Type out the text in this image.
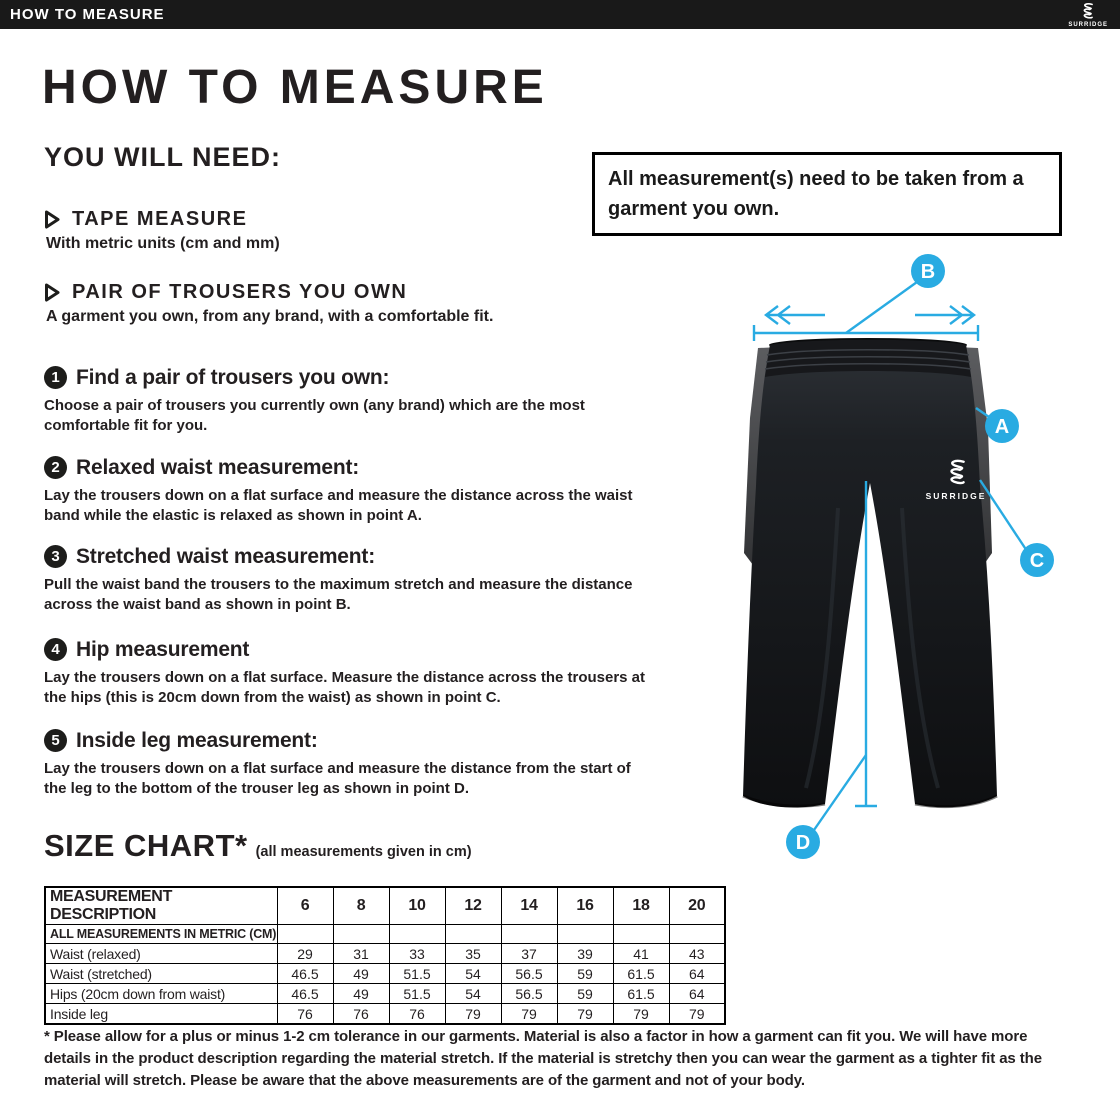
HOW TO MEASURE
SURRIDGE
HOW TO MEASURE
YOU WILL NEED:
All measurement(s) need to be taken from a garment you own.
TAPE MEASURE
With metric units (cm and mm)
PAIR OF TROUSERS YOU OWN
A garment you own, from any brand, with a comfortable fit.
1 Find a pair of trousers you own:
Choose a pair of trousers you currently own (any brand) which are the most comfortable fit for you.
2 Relaxed waist measurement:
Lay the trousers down on a flat surface and measure the distance across the waist band while the elastic is relaxed as shown in point A.
3 Stretched waist measurement:
Pull the waist band the trousers to the maximum stretch and measure the distance across the waist band as shown in point B.
4 Hip measurement
Lay the trousers down on a flat surface. Measure the distance across the trousers at the hips (this is 20cm down from the waist) as shown in point C.
5 Inside leg measurement:
Lay the trousers down on a flat surface and measure the distance from the start of the leg to the bottom of the trouser leg as shown in point D.
SURRIDGE
B
A
C
D
SIZE CHART* (all measurements given in cm)
MEASUREMENT DESCRIPTION	6	8	10	12	14	16	18	20
ALL MEASUREMENTS IN METRIC (CM)								
Waist (relaxed)	29	31	33	35	37	39	41	43
Waist (stretched)	46.5	49	51.5	54	56.5	59	61.5	64
Hips (20cm down from waist)	46.5	49	51.5	54	56.5	59	61.5	64
Inside leg	76	76	76	79	79	79	79	79
* Please allow for a plus or minus 1-2 cm tolerance in our garments. Material is also a factor in how a garment can fit you. We will have more details in the product description regarding the material stretch. If the material is stretchy then you can wear the garment as a tighter fit as the material will stretch. Please be aware that the above measurements are of the garment and not of your body.
